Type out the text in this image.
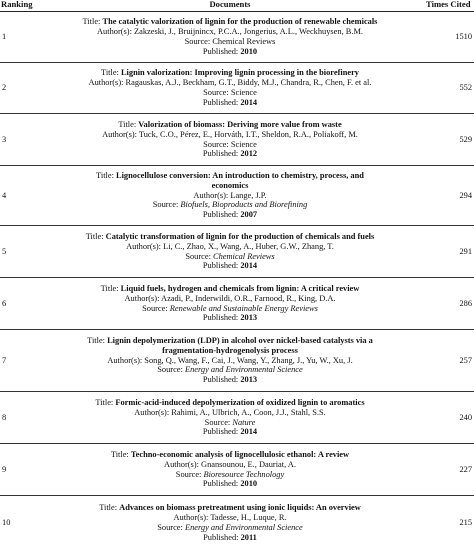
Ranking	Documents	Times Cited
1	Title: The catalytic valorization of lignin for the production of renewable chemicals
Author(s): Zakzeski, J., Bruijnincx, P.C.A., Jongerius, A.L., Weckhuysen, B.M.
Source: Chemical Reviews
Published: 2010	1510
2	Title: Lignin valorization: Improving lignin processing in the biorefinery
Author(s): Ragauskas, A.J., Beckham, G.T., Biddy, M.J., Chandra, R., Chen, F. et al.
Source: Science
Published: 2014	552
3	Title: Valorization of biomass: Deriving more value from waste
Author(s): Tuck, C.O., Pérez, E., Horváth, I.T., Sheldon, R.A., Poliakoff, M.
Source: Science
Published: 2012	529
4	Title: Lignocellulose conversion: An introduction to chemistry, process, and
economics
Author(s): Lange, J.P.
Source: Biofuels, Bioproducts and Biorefining
Published: 2007	294
5	Title: Catalytic transformation of lignin for the production of chemicals and fuels
Author(s): Li, C., Zhao, X., Wang, A., Huber, G.W., Zhang, T.
Source: Chemical Reviews
Published: 2014	291
6	Title: Liquid fuels, hydrogen and chemicals from lignin: A critical review
Author(s): Azadi, P., Inderwildi, O.R., Farnood, R., King, D.A.
Source: Renewable and Sustainable Energy Reviews
Published: 2013	286
7	Title: Lignin depolymerization (LDP) in alcohol over nickel-based catalysts via a
fragmentation-hydrogenolysis process
Author(s): Song, Q., Wang, F., Cai, J., Wang, Y., Zhang, J., Yu, W., Xu, J.
Source: Energy and Environmental Science
Published: 2013	257
8	Title: Formic-acid-induced depolymerization of oxidized lignin to aromatics
Author(s): Rahimi, A., Ulbrich, A., Coon, J.J., Stahl, S.S.
Source: Nature
Published: 2014	240
9	Title: Techno-economic analysis of lignocellulosic ethanol: A review
Author(s): Gnansounou, E., Dauriat, A.
Source: Bioresource Technology
Published: 2010	227
10	Title: Advances on biomass pretreatment using ionic liquids: An overview
Author(s): Tadesse, H., Luque, R.
Source: Energy and Environmental Science
Published: 2011	215
